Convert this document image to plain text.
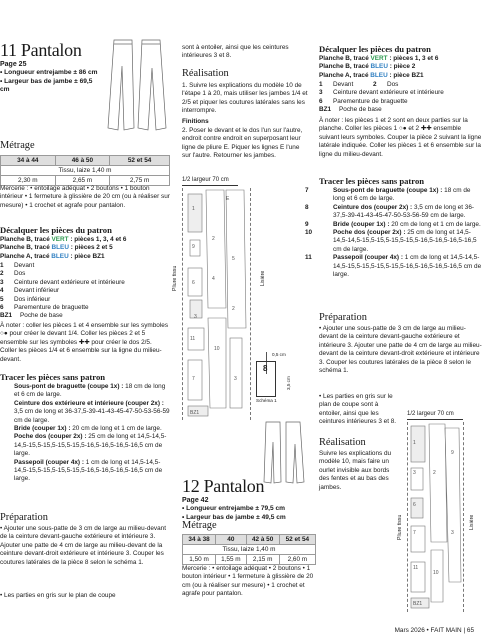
11 Pantalon
Page 25
• Longueur entrejambe ± 86 cm
• Largeur bas de jambe ± 69,5 cm
Métrage
34 à 44	46 à 50	52 et 54
Tissu, laize 1,40 m		
2,30 m	2,65 m	2,75 m
Mercerie : • entoilage adéquat • 2 boutons • 1 bouton intérieur • 1 fermeture à glissière de 20 cm (ou à réaliser sur mesure) • 1 crochet et agrafe pour pantalon.
Décalquer les pièces du patron
Planche B, tracé VERT : pièces 1, 3, 4 et 6
Planche B, tracé BLEU : pièces 2 et 5
Planche A, tracé BLEU : pièce BZ1
1 Devant
2 Dos
3 Ceinture devant extérieure et intérieure
4 Devant inférieur
5 Dos inférieur
6 Parementure de braguette
BZ1 Poche de base
À noter : coller les pièces 1 et 4 ensemble sur les symboles ○● pour créer le devant 1/4. Coller les pièces 2 et 5 ensemble sur les symboles ✚✚ pour créer le dos 2/5. Coller les pièces 1/4 et 6 ensemble sur la ligne du milieu-devant.
Tracer les pièces sans patron
Sous-pont de braguette (coupe 1x) : 18 cm de long et 6 cm de large.
Ceinture dos extérieure et intérieure (couper 2x) : 3,5 cm de long et 36-37,5-39-41-43-45-47-50-53-56-59 cm de large.
Bride (couper 1x) : 20 cm de long et 1 cm de large.
Poche dos (couper 2x) : 25 cm de long et 14,5-14,5-14,5-15,5-15,5-15,5-15,5-16,5-16,5-16,5-16,5 cm de large.
Passepoil (couper 4x) : 1 cm de long et 14,5-14,5-14,5-15,5-15,5-15,5-15,5-16,5-16,5-16,5-16,5 cm de large.
Préparation
• Ajouter une sous-patte de 3 cm de large au milieu-devant de la ceinture devant-gauche extérieure et intérieure 3. Ajouter une patte de 4 cm de large au milieu-devant de la ceinture devant-droit extérieure et intérieure 3. Couper les coutures latérales de la pièce 8 selon le schéma 1.
• Les parties en gris sur le plan de coupe
sont à entoiler, ainsi que les ceintures intérieures 3 et 8.
Réalisation
1. Suivre les explications du modèle 10 de l'étape 1 à 20, mais utiliser les jambes 1/4 et 2/5 et piquer les coutures latérales sans les interrompre.
Finitions
2. Poser le devant et le dos l'un sur l'autre, endroit contre endroit en superposant leur ligne de pliure E. Piquer les lignes E l'une sur l'autre. Retourner les jambes.
1/2 largeur 70 cm
Pliure tissu	Lisière
8
0,5 cm
3,5 cm
Schéma 1
1
2
4
5
2
9
6
3
11
10
7	3
BZ1
E
12 Pantalon
Page 42
• Longueur entrejambe ± 79,5 cm
• Largeur bas de jambe ± 49,5 cm
Métrage
34 à 38	40	42 à 50	52 et 54
Tissu, laize 1,40 m			
1,50 m	1,55 m	2,15 m	2,60 m
Mercerie : • entoilage adéquat • 2 boutons • 1 bouton intérieur • 1 fermeture à glissière de 20 cm (ou à réaliser sur mesure) • 1 crochet et agrafe pour pantalon.
Décalquer les pièces du patron
Planche B, tracé VERT : pièces 1, 3 et 6
Planche B, tracé BLEU : pièce 2
Planche A, tracé BLEU : pièce BZ1
1 Devant	2 Dos
3 Ceinture devant extérieure et intérieure
6 Parementure de braguette
BZ1 Poche de base
À noter : les pièces 1 et 2 sont en deux parties sur la planche. Coller les pièces 1 ○● et 2 ✚✚ ensemble suivant leurs symboles. Couper la pièce 2 suivant la ligne latérale indiquée. Coller les pièces 1 et 6 ensemble sur la ligne du milieu-devant.
Tracer les pièces sans patron
7	Sous-pont de braguette (coupe 1x) : 18 cm de long et 6 cm de large.
8	Ceinture dos (couper 2x) : 3,5 cm de long et 36-37,5-39-41-43-45-47-50-53-56-59 cm de large.
9	Bride (couper 1x) : 20 cm de long et 1 cm de large.
10	Poche dos (couper 2x) : 25 cm de long et 14,5-14,5-14,5-15,5-15,5-15,5-15,5-16,5-16,5-16,5-16,5 cm de large.
11	Passepoil (couper 4x) : 1 cm de long et 14,5-14,5-14,5-15,5-15,5-15,5-15,5-16,5-16,5-16,5-16,5 cm de large.
Préparation
• Ajouter une sous-patte de 3 cm de large au milieu-devant de la ceinture devant-gauche extérieure et intérieure 3. Ajouter une patte de 4 cm de large au milieu-devant de la ceinture devant-droit extérieure et intérieure 3. Couper les coutures latérales de la pièce 8 selon le schéma 1.
• Les parties en gris sur le plan de coupe sont à entoiler, ainsi que les ceintures intérieures 3 et 8.
Réalisation
Suivre les explications du modèle 10, mais faire un ourlet invisible aux bords des fentes et au bas des jambes.
1/2 largeur 70 cm
Pliure tissu	Lisière
1
2
3
6
7
9
11
10
3
BZ1
Mars 2026 • FAIT MAIN | 65
